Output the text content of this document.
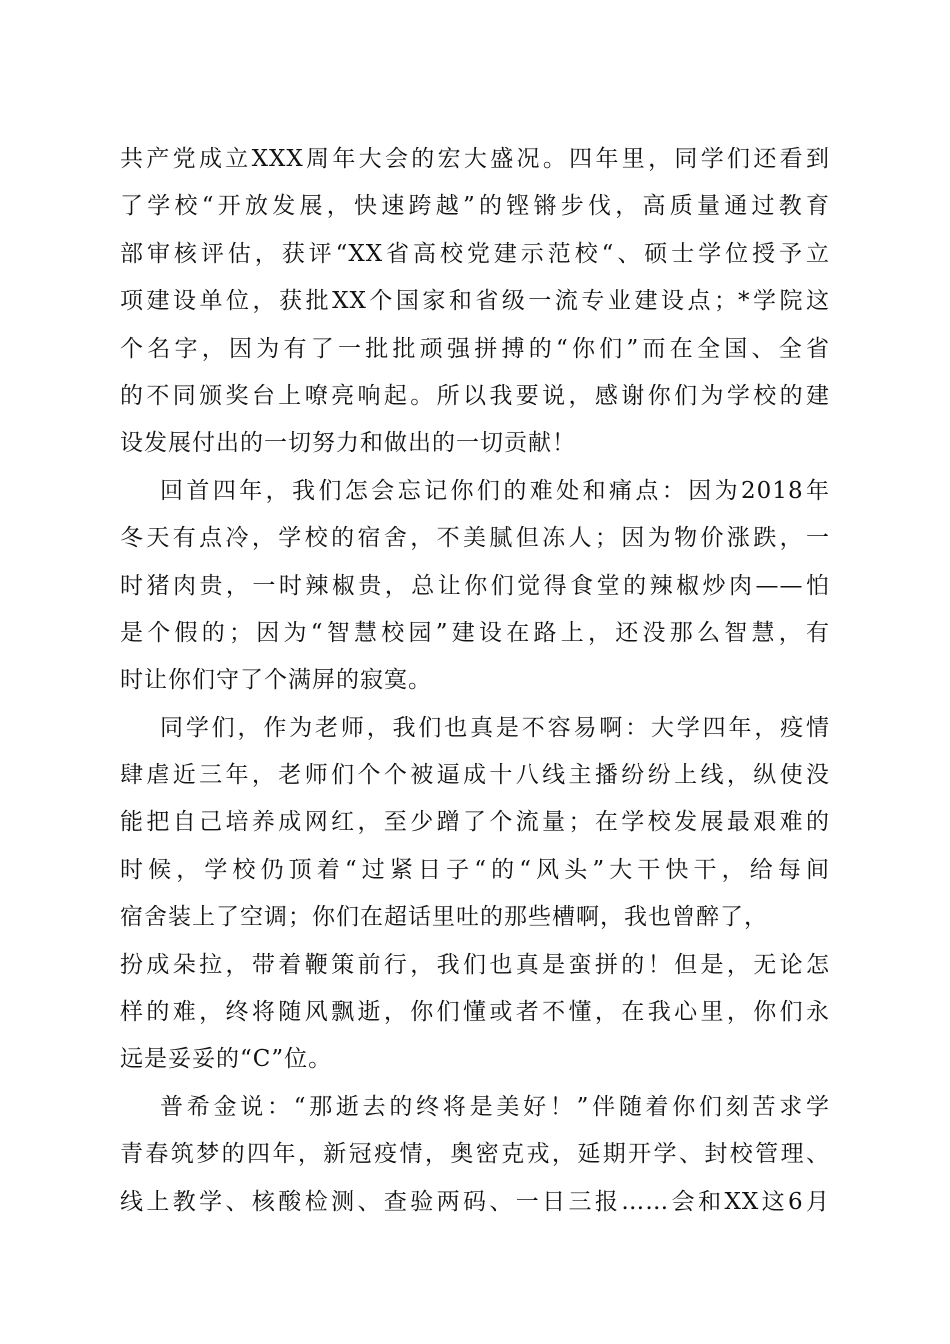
共产党成立XXX周年大会的宏大盛况。四年里，同学们还看到
了学校“开放发展，快速跨越”的铿锵步伐，高质量通过教育
部审核评估，获评“XX省高校党建示范校“、硕士学位授予立
项建设单位，获批XX个国家和省级一流专业建设点；*学院这
个名字，因为有了一批批顽强拼搏的“你们”而在全国、全省
的不同颁奖台上嘹亮响起。所以我要说，感谢你们为学校的建
设发展付出的一切努力和做出的一切贡献！
回首四年，我们怎会忘记你们的难处和痛点：因为2018年
冬天有点冷，学校的宿舍，不美腻但冻人；因为物价涨跌，一
时猪肉贵，一时辣椒贵，总让你们觉得食堂的辣椒炒肉——怕
是个假的；因为“智慧校园”建设在路上，还没那么智慧，有
时让你们守了个满屏的寂寞。
同学们，作为老师，我们也真是不容易啊：大学四年，疫情
肆虐近三年，老师们个个被逼成十八线主播纷纷上线，纵使没
能把自己培养成网红，至少蹭了个流量；在学校发展最艰难的
时候，学校仍顶着“过紧日子“的“风头”大干快干，给每间
宿舍装上了空调；你们在超话里吐的那些槽啊，我也曾醉了，
扮成朵拉，带着鞭策前行，我们也真是蛮拼的！但是，无论怎
样的难，终将随风飘逝，你们懂或者不懂，在我心里，你们永
远是妥妥的“C”位。
普希金说：“那逝去的终将是美好！”伴随着你们刻苦求学
青春筑梦的四年，新冠疫情，奥密克戎，延期开学、封校管理、
线上教学、核酸检测、查验两码、一日三报……会和XX这6月
